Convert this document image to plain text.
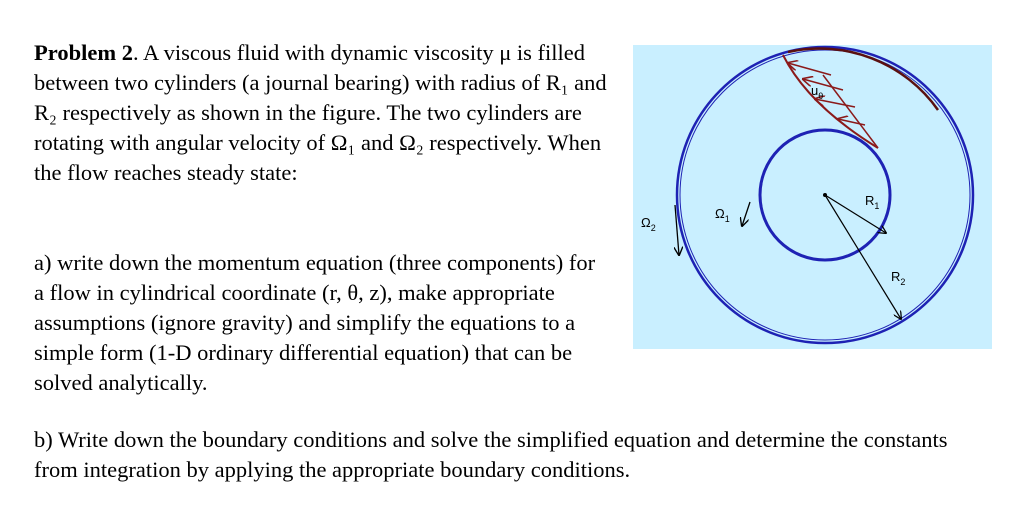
Problem 2. A viscous fluid with dynamic viscosity μ is filled between two cylinders (a journal bearing) with radius of R₁ and R₂ respectively as shown in the figure. The two cylinders are rotating with angular velocity of Ω₁ and Ω₂ respectively. When the flow reaches steady state:

a) write down the momentum equation (three components) for a flow in cylindrical coordinate (r, θ, z), make appropriate assumptions (ignore gravity) and simplify the equations to a simple form (1-D ordinary differential equation) that can be solved analytically.
b) Write down the boundary conditions and solve the simplified equation and determine the constants from integration by applying the appropriate boundary conditions.
$u_\theta$
$R_1$
$R_2$
$\Omega_1$
$\Omega_2$
